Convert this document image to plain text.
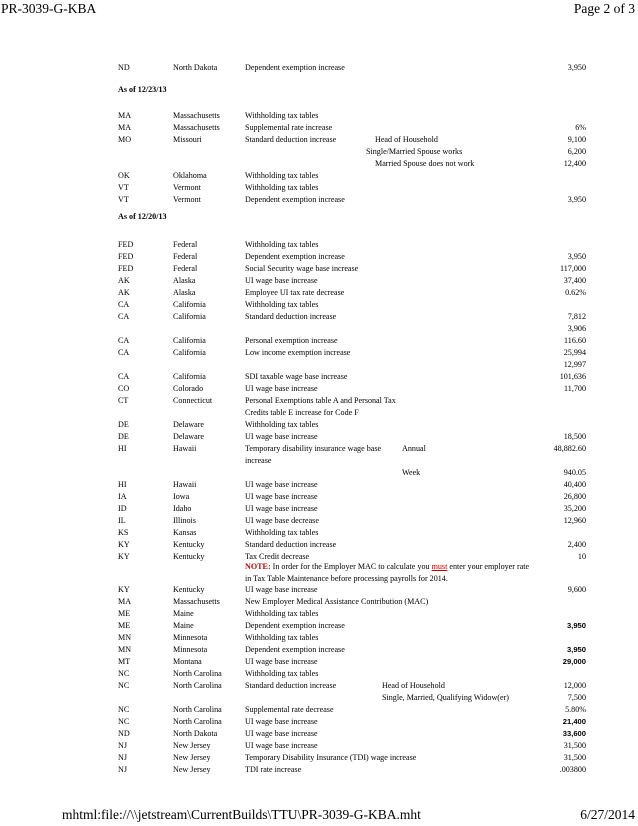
PR-3039-G-KBA	Page 2 of 3
As of 12/23/13
As of 12/20/13
NOTE: In order for the Employer MAC to calculate you must enter your employer rate
in Tax Table Maintenance before processing payrolls for 2014.
ND	North Dakota	Dependent exemption increase	3,950
MA	Massachusetts	Withholding tax tables
MA	Massachusetts	Supplemental rate increase	6%
MO	Missouri	Standard deduction increase	Head of Household	9,100
Single/Married Spouse works	6,200
Married Spouse does not work	12,400
OK	Oklahoma	Withholding tax tables
VT	Vermont	Withholding tax tables
VT	Vermont	Dependent exemption increase	3,950
FED	Federal	Withholding tax tables
FED	Federal	Dependent exemption increase	3,950
FED	Federal	Social Security wage base increase	117,000
AK	Alaska	UI wage base increase	37,400
AK	Alaska	Employee UI tax rate decrease	0.62%
CA	California	Withholding tax tables
CA	California	Standard deduction increase	7,812
3,906
CA	California	Personal exemption increase	116.60
CA	California	Low income exemption increase	25,994
12,997
CA	California	SDI taxable wage base increase	101,636
CO	Colorado	UI wage base increase	11,700
CT	Connecticut	Personal Exemptions table A and Personal Tax
Credits table E increase for Code F
DE	Delaware	Withholding tax tables
DE	Delaware	UI wage base increase	18,500
HI	Hawaii	Temporary disability insurance wage base	Annual	48,882.60
increase
Week	940.05
HI	Hawaii	UI wage base increase	40,400
IA	Iowa	UI wage base increase	26,800
ID	Idaho	UI wage base increase	35,200
IL	Illinois	UI wage base decrease	12,960
KS	Kansas	Withholding tax tables
KY	Kentucky	Standard deduction increase	2,400
KY	Kentucky	Tax Credit decrease	10
KY	Kentucky	UI wage base increase	9,600
MA	Massachusetts	New Employer Medical Assistance Contribution (MAC)
ME	Maine	Withholding tax tables
ME	Maine	Dependent exemption increase	3,950
MN	Minnesota	Withholding tax tables
MN	Minnesota	Dependent exemption increase	3,950
MT	Montana	UI wage base increase	29,000
NC	North Carolina	Withholding tax tables
NC	North Carolina	Standard deduction increase	Head of Household	12,000
Single, Married, Qualifying Widow(er)	7,500
NC	North Carolina	Supplemental rate decrease	5.80%
NC	North Carolina	UI wage base increase	21,400
ND	North Dakota	UI wage base increase	33,600
NJ	New Jersey	UI wage base increase	31,500
NJ	New Jersey	Temporary Disability Insurance (TDI) wage increase	31,500
NJ	New Jersey	TDI rate increase	.003800
mhtml:file://\\jetstream\CurrentBuilds\TTU\PR-3039-G-KBA.mht	6/27/2014
